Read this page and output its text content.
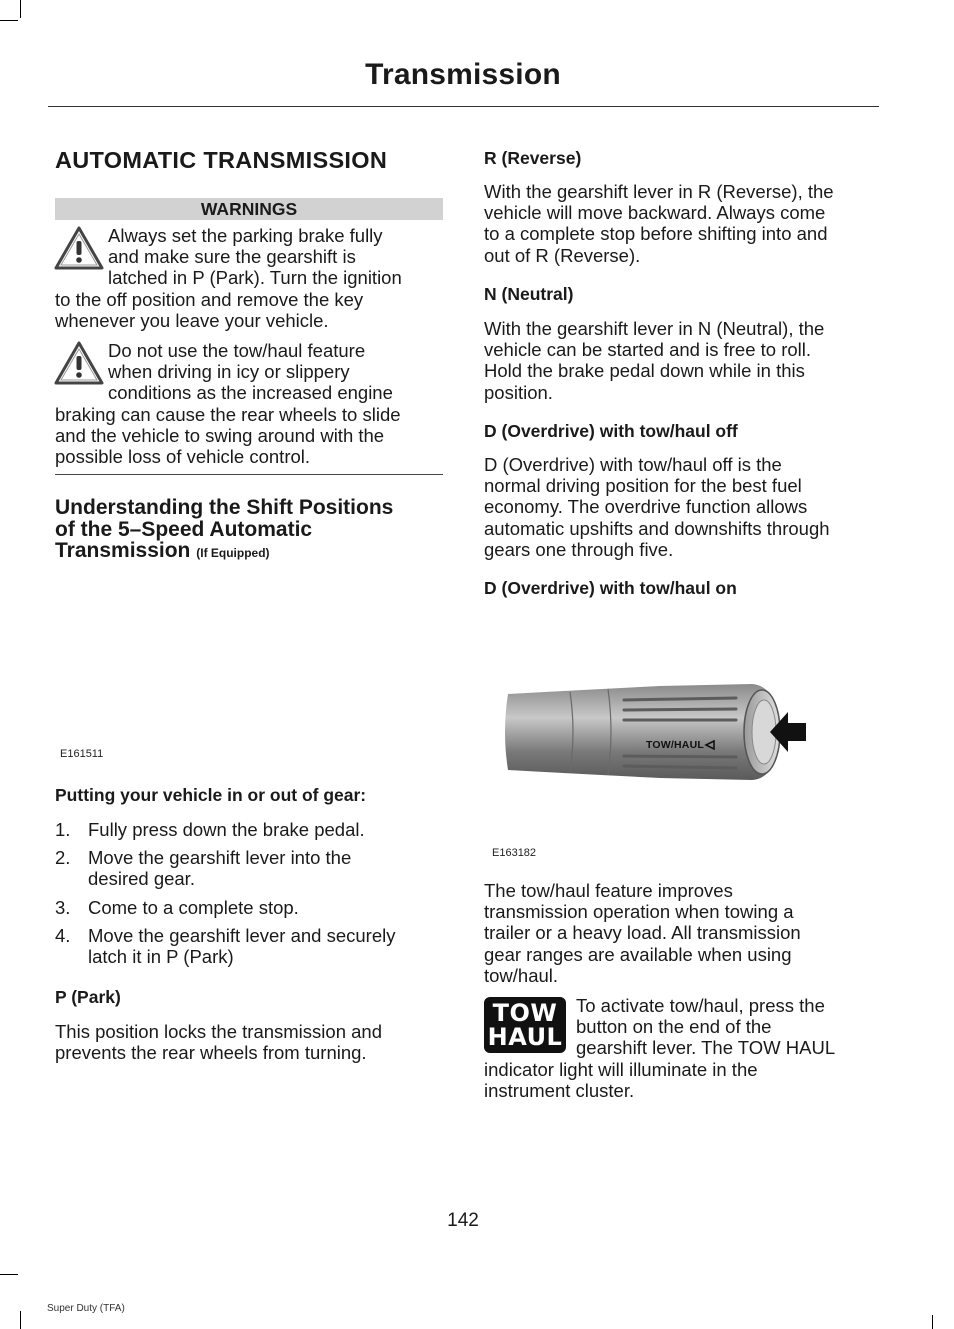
Transmission
AUTOMATIC TRANSMISSION
WARNINGS
Always set the parking brake fully
and make sure the gearshift is
latched in P (Park). Turn the ignition
to the off position and remove the key
whenever you leave your vehicle.
Do not use the tow/haul feature
when driving in icy or slippery
conditions as the increased engine
braking can cause the rear wheels to slide
and the vehicle to swing around with the
possible loss of vehicle control.
Understanding the Shift Positions
of the 5–Speed Automatic
Transmission (If Equipped)
E161511
Putting your vehicle in or out of gear:
1. Fully press down the brake pedal.
2. Move the gearshift lever into the
desired gear.
3. Come to a complete stop.
4. Move the gearshift lever and securely
latch it in P (Park)
P (Park)
This position locks the transmission and
prevents the rear wheels from turning.
R (Reverse)
With the gearshift lever in R (Reverse), the
vehicle will move backward. Always come
to a complete stop before shifting into and
out of R (Reverse).
N (Neutral)
With the gearshift lever in N (Neutral), the
vehicle can be started and is free to roll.
Hold the brake pedal down while in this
position.
D (Overdrive) with tow/haul off
D (Overdrive) with tow/haul off is the
normal driving position for the best fuel
economy. The overdrive function allows
automatic upshifts and downshifts through
gears one through five.
D (Overdrive) with tow/haul on
TOW/HAUL
E163182
The tow/haul feature improves
transmission operation when towing a
trailer or a heavy load. All transmission
gear ranges are available when using
tow/haul.
TOW
HAUL
To activate tow/haul, press the
button on the end of the
gearshift lever. The TOW HAUL
indicator light will illuminate in the
instrument cluster.
142
Super Duty (TFA)
